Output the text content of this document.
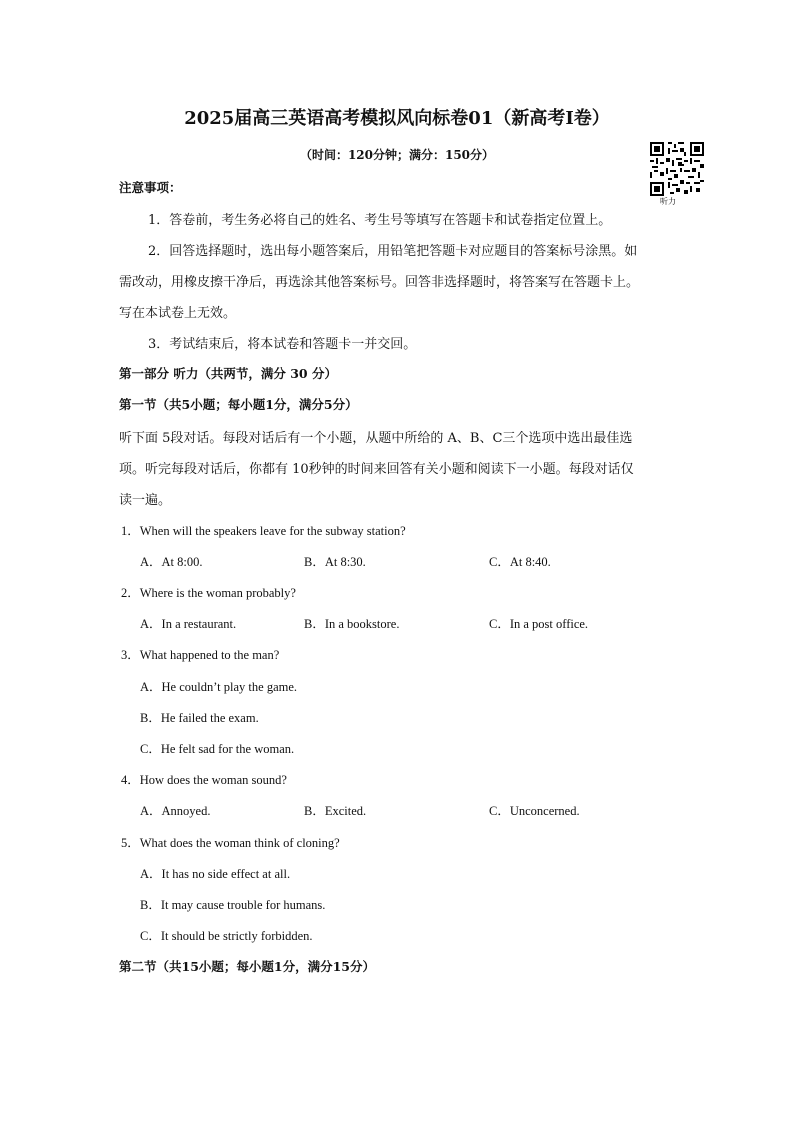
2025届高三英语高考模拟风向标卷01（新高考Ⅰ卷）
（时间：120分钟；满分：150分）
听力
注意事项：
1．答卷前，考生务必将自己的姓名、考生号等填写在答题卡和试卷指定位置上。
2．回答选择题时，选出每小题答案后，用铅笔把答题卡对应题目的答案标号涂黑。如
需改动，用橡皮擦干净后，再选涂其他答案标号。回答非选择题时，将答案写在答题卡上。
写在本试卷上无效。
3．考试结束后，将本试卷和答题卡一并交回。
第一部分 听力（共两节，满分 30 分）
第一节（共5小题；每小题1分，满分5分）
听下面 5段对话。每段对话后有一个小题，从题中所给的 A、B、C三个选项中选出最佳选
项。听完每段对话后，你都有 10秒钟的时间来回答有关小题和阅读下一小题。每段对话仅
读一遍。
1．When will the speakers leave for the subway station?
A．At 8:00.	B．At 8:30.	C．At 8:40.
2．Where is the woman probably?
A．In a restaurant.	B．In a bookstore.	C．In a post office.
3．What happened to the man?
A．He couldn’t play the game.
B．He failed the exam.
C．He felt sad for the woman.
4．How does the woman sound?
A．Annoyed.	B．Excited.	C．Unconcerned.
5．What does the woman think of cloning?
A．It has no side effect at all.
B．It may cause trouble for humans.
C．It should be strictly forbidden.
第二节（共15小题；每小题1分，满分15分）
